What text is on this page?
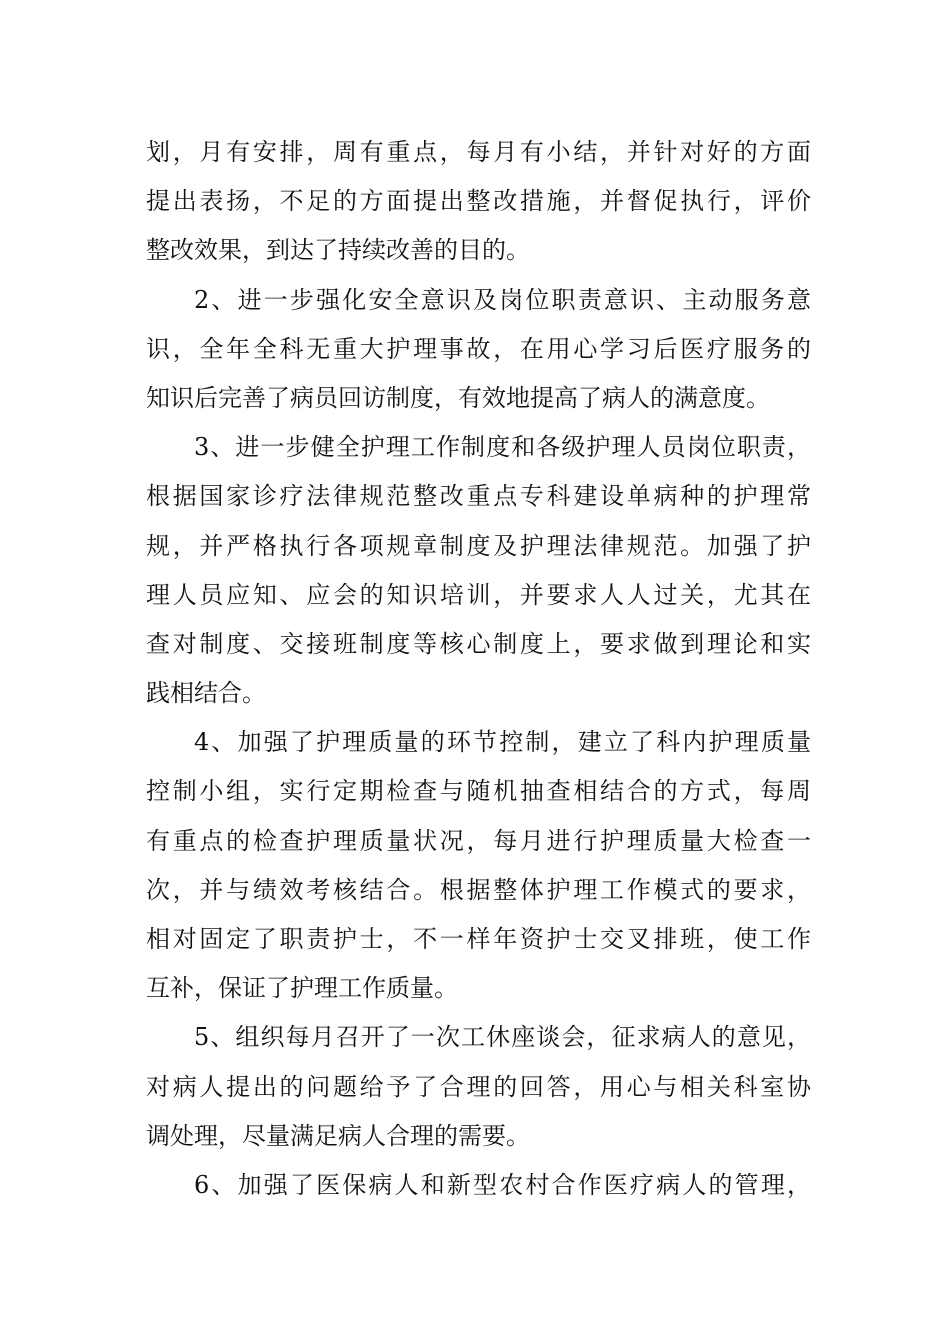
划，月有安排，周有重点，每月有小结，并针对好的方面
提出表扬，不足的方面提出整改措施，并督促执行，评价
整改效果，到达了持续改善的目的。
2、进一步强化安全意识及岗位职责意识、主动服务意
识，全年全科无重大护理事故，在用心学习后医疗服务的
知识后完善了病员回访制度，有效地提高了病人的满意度。
3、进一步健全护理工作制度和各级护理人员岗位职责，
根据国家诊疗法律规范整改重点专科建设单病种的护理常
规，并严格执行各项规章制度及护理法律规范。加强了护
理人员应知、应会的知识培训，并要求人人过关，尤其在
查对制度、交接班制度等核心制度上，要求做到理论和实
践相结合。
4、加强了护理质量的环节控制，建立了科内护理质量
控制小组，实行定期检查与随机抽查相结合的方式，每周
有重点的检查护理质量状况，每月进行护理质量大检查一
次，并与绩效考核结合。根据整体护理工作模式的要求，
相对固定了职责护士，不一样年资护士交叉排班，使工作
互补，保证了护理工作质量。
5、组织每月召开了一次工休座谈会，征求病人的意见，
对病人提出的问题给予了合理的回答，用心与相关科室协
调处理，尽量满足病人合理的需要。
6、加强了医保病人和新型农村合作医疗病人的管理，
